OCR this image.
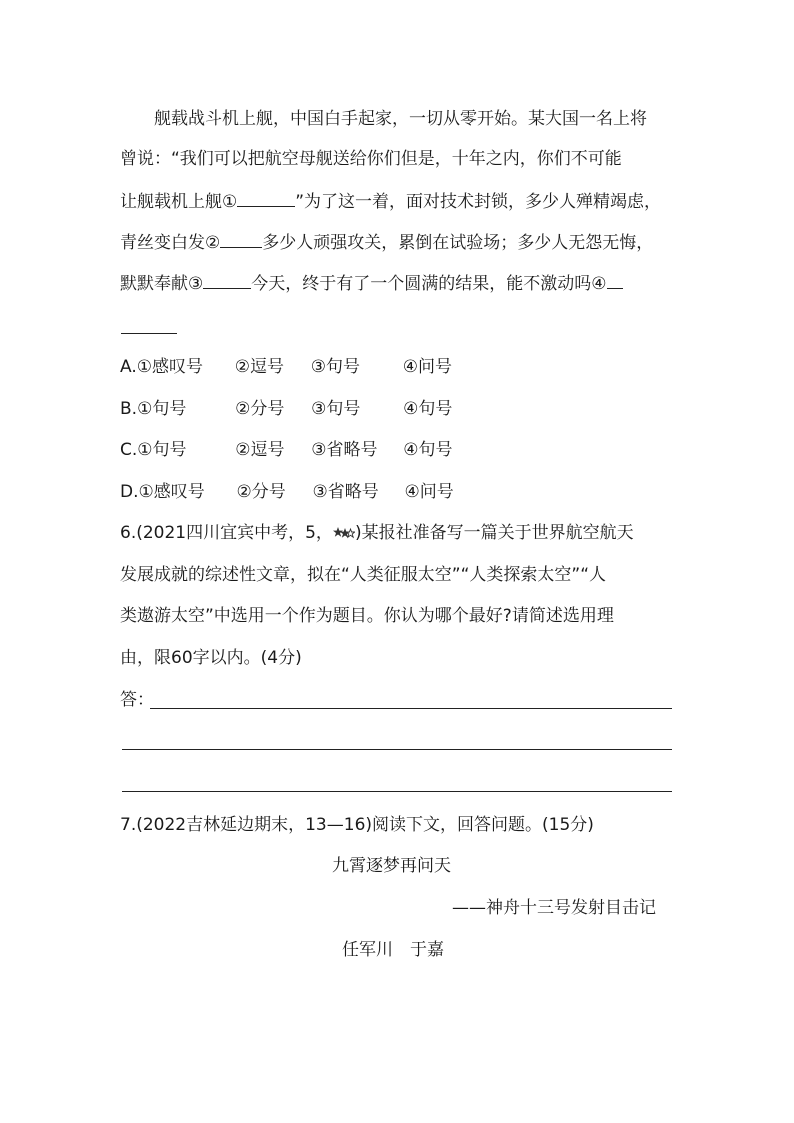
舰载战斗机上舰，中国白手起家，一切从零开始。某大国一名上将
曾说：“我们可以把航空母舰送给你们但是，十年之内，你们不可能
让舰载机上舰①	”为了这一着，面对技术封锁，多少人殚精竭虑，
青丝变白发② 多少人顽强攻关，累倒在试验场；多少人无怨无悔，
默默奉献③	今天，终于有了一个圆满的结果，能不激动吗④
A.①感叹号 ②逗号 ③句号	④问号
B.①句号	②分号 ③句号	④句号
C.①句号	②逗号 ③省略号 ④句号
D.①感叹号 ②分号 ③省略号 ④问号
6.(2021四川宜宾中考，5， )某报社准备写一篇关于世界航空航天
发展成就的综述性文章，拟在“人类征服太空”“人类探索太空”“人
类遨游太空”中选用一个作为题目。你认为哪个最好?请简述选用理
由，限60字以内。(4分)
答：
7.(2022吉林延边期末，13—16)阅读下文，回答问题。(15分)
九霄逐梦再问天
——神舟十三号发射目击记
任军川　于嘉
